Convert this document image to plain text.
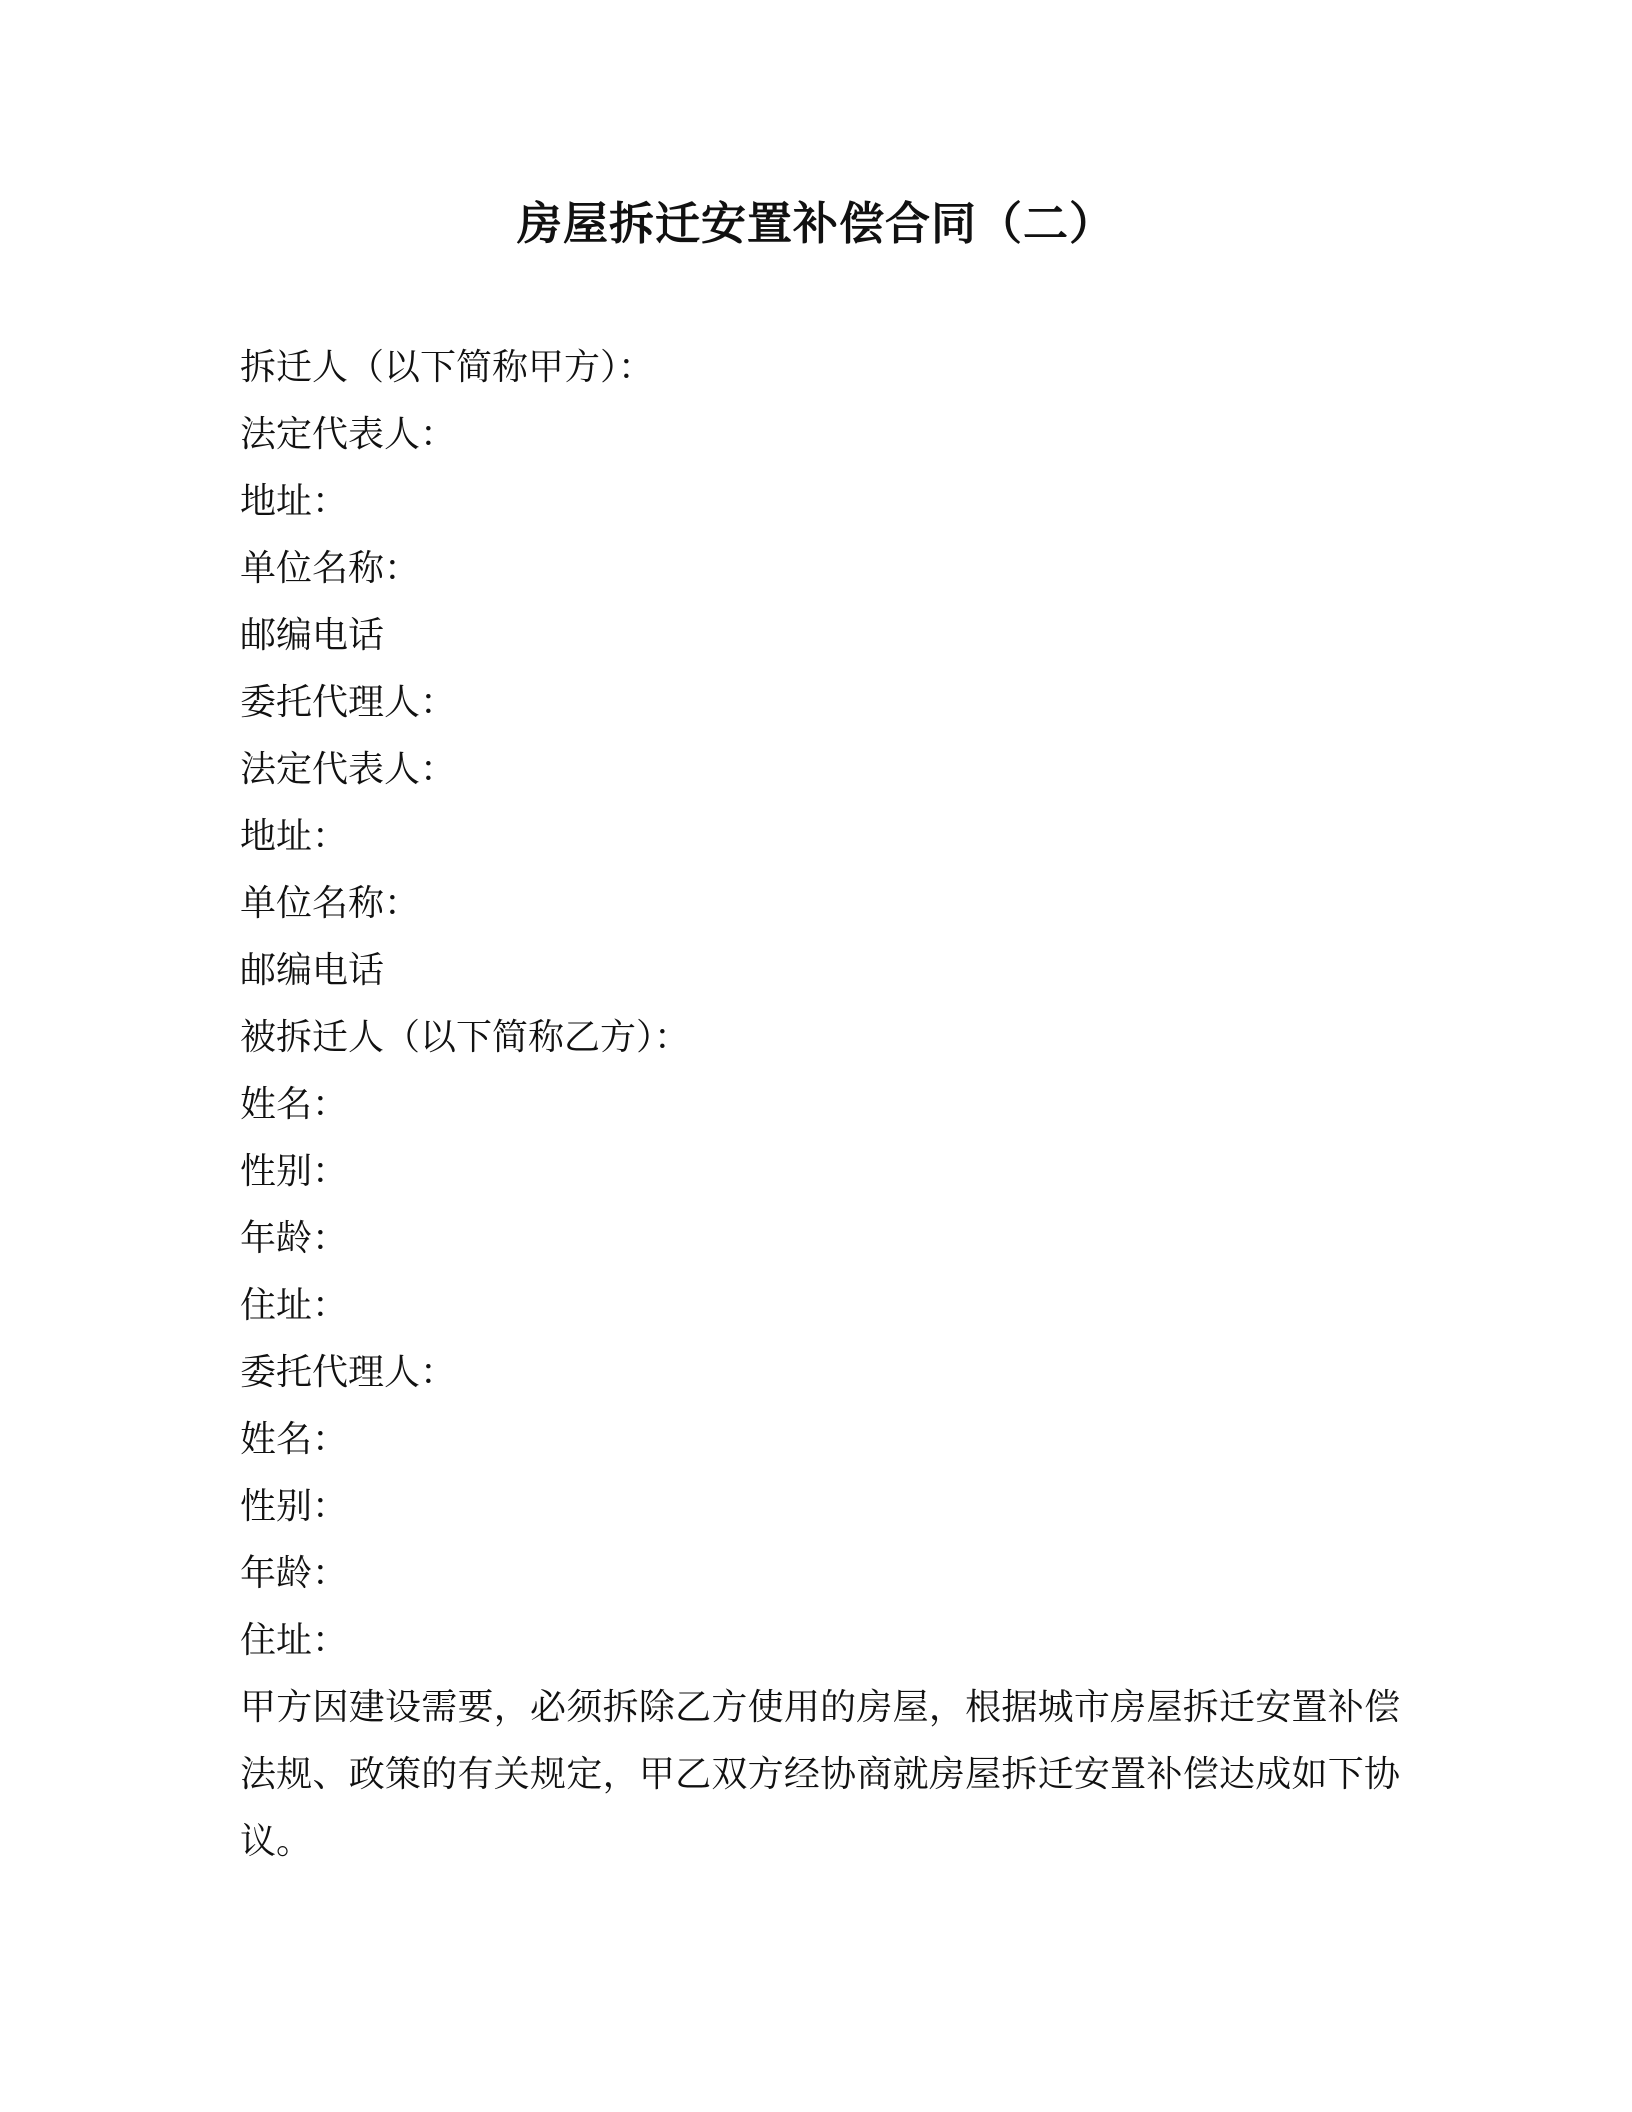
房屋拆迁安置补偿合同（二）
拆迁人（以下简称甲方）：
法定代表人：
地址：
单位名称：
邮编电话
委托代理人：
法定代表人：
地址：
单位名称：
邮编电话
被拆迁人（以下简称乙方）：
姓名：
性别：
年龄：
住址：
委托代理人：
姓名：
性别：
年龄：
住址：

甲方因建设需要，必须拆除乙方使用的房屋，根据城市房屋拆迁安置补偿法规、政策的有关规定，甲乙双方经协商就房屋拆迁安置补偿达成如下协议。
